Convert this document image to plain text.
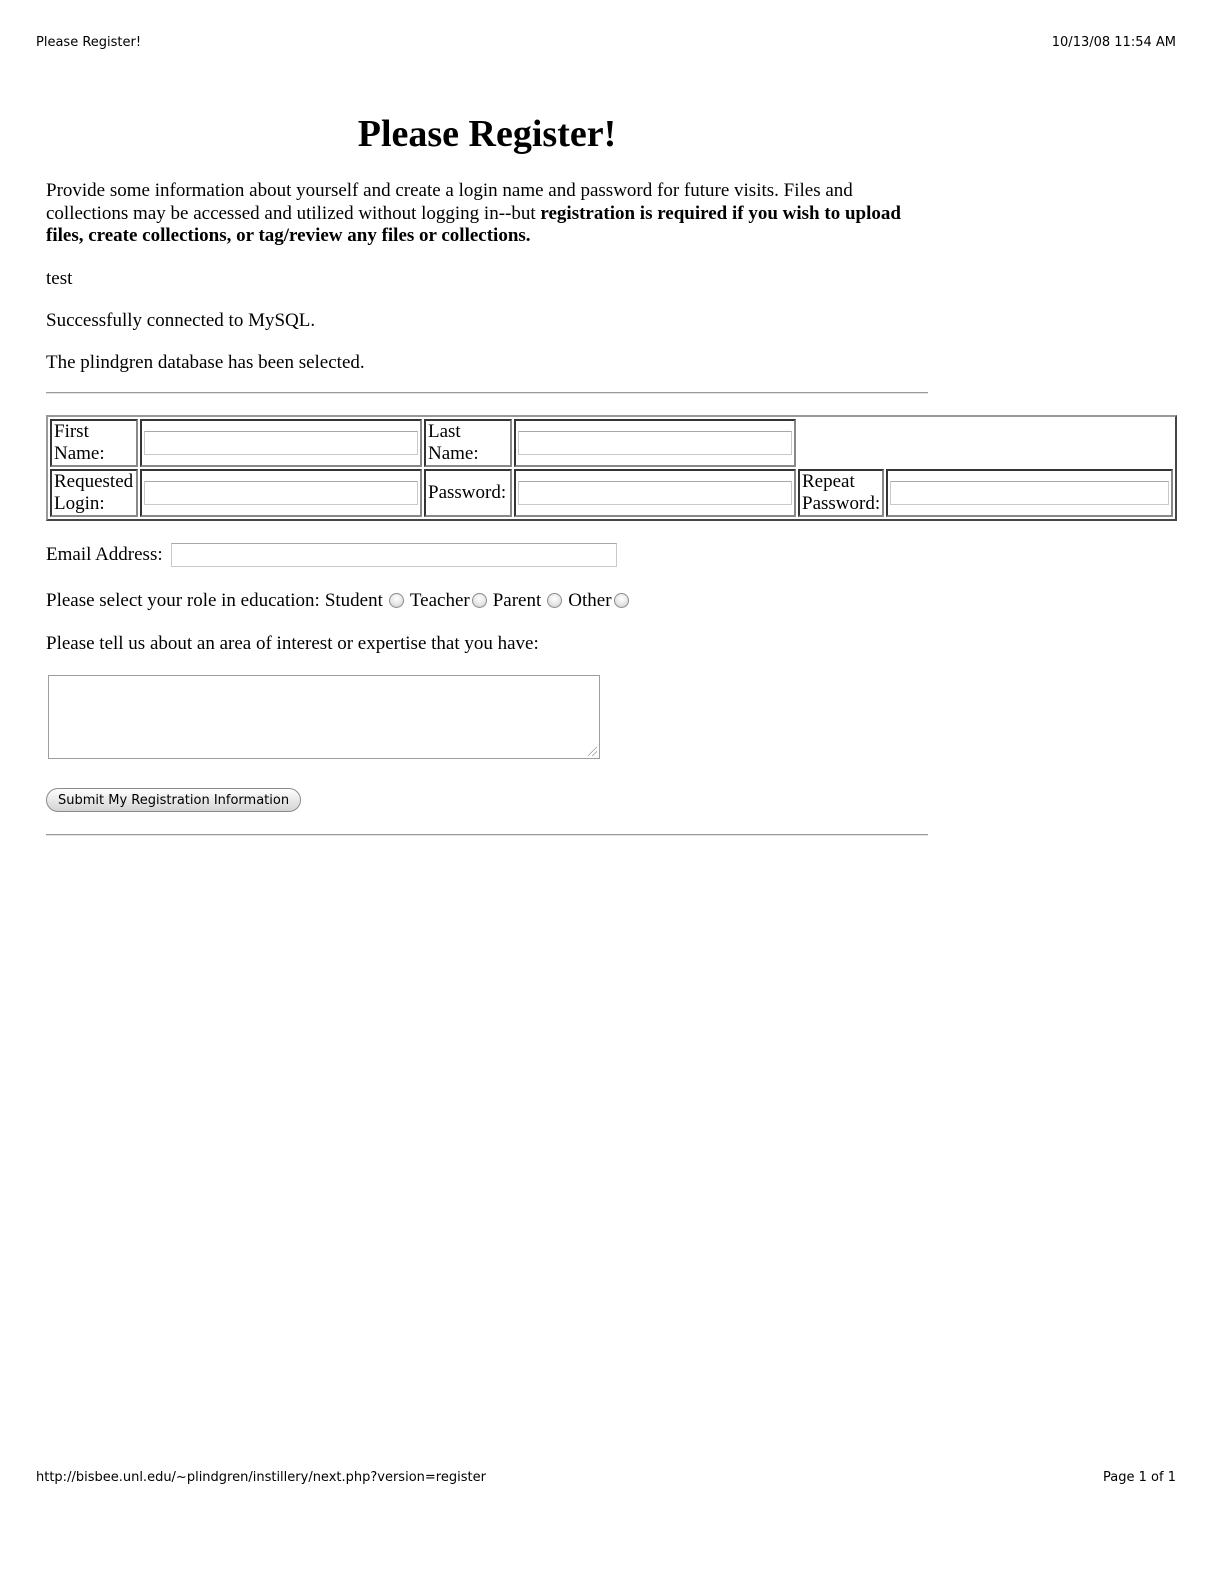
Please Register!	10/13/08 11:54 AM
Please Register!

Provide some information about yourself and create a login name and password for future visits. Files and collections may be accessed and utilized without logging in--but registration is required if you wish to upload files, create collections, or tag/review any files or collections.

test

Successfully connected to MySQL.

The plindgren database has been selected.

First Name:		Last Name:	

Requested Login:		Password:		Repeat Password:	
Email Address:
Please select your role in education: Student Teacher Parent Other

Please tell us about an area of interest or expertise that you have:

Submit My Registration Information
http://bisbee.unl.edu/~plindgren/instillery/next.php?version=register	Page 1 of 1
